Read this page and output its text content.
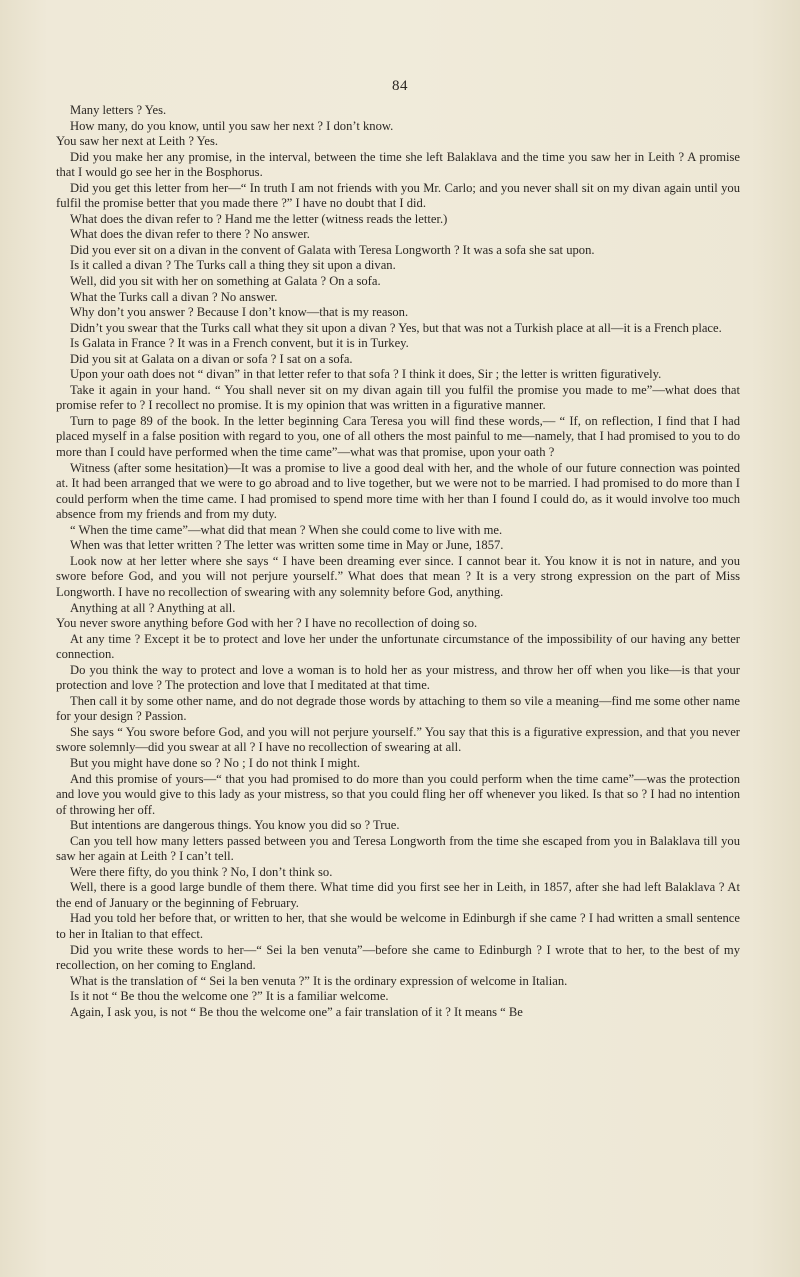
84

Many letters ? Yes.

How many, do you know, until you saw her next ? I don’t know.

You saw her next at Leith ? Yes.

Did you make her any promise, in the interval, between the time she left Balaklava and the time you saw her in Leith ? A promise that I would go see her in the Bosphorus.

Did you get this letter from her—“ In truth I am not friends with you Mr. Carlo; and you never shall sit on my divan again until you fulfil the promise better that you made there ?” I have no doubt that I did.

What does the divan refer to ? Hand me the letter (witness reads the letter.)

What does the divan refer to there ? No answer.

Did you ever sit on a divan in the convent of Galata with Teresa Longworth ? It was a sofa she sat upon.

Is it called a divan ? The Turks call a thing they sit upon a divan.

Well, did you sit with her on something at Galata ? On a sofa.

What the Turks call a divan ? No answer.

Why don’t you answer ? Because I don’t know—that is my reason.

Didn’t you swear that the Turks call what they sit upon a divan ? Yes, but that was not a Turkish place at all—it is a French place.

Is Galata in France ? It was in a French convent, but it is in Turkey.

Did you sit at Galata on a divan or sofa ? I sat on a sofa.

Upon your oath does not “ divan” in that letter refer to that sofa ? I think it does, Sir ; the letter is written figuratively.

Take it again in your hand. “ You shall never sit on my divan again till you fulfil the promise you made to me”—what does that promise refer to ? I recollect no promise. It is my opinion that was written in a figurative manner.

Turn to page 89 of the book. In the letter beginning Cara Teresa you will find these words,— “ If, on reflection, I find that I had placed myself in a false position with regard to you, one of all others the most painful to me—namely, that I had promised to you to do more than I could have performed when the time came”—what was that promise, upon your oath ?

Witness (after some hesitation)—It was a promise to live a good deal with her, and the whole of our future connection was pointed at. It had been arranged that we were to go abroad and to live together, but we were not to be married. I had promised to do more than I could perform when the time came. I had promised to spend more time with her than I found I could do, as it would involve too much absence from my friends and from my duty.

“ When the time came”—what did that mean ? When she could come to live with me.

When was that letter written ? The letter was written some time in May or June, 1857.

Look now at her letter where she says “ I have been dreaming ever since. I cannot bear it. You know it is not in nature, and you swore before God, and you will not perjure yourself.” What does that mean ? It is a very strong expression on the part of Miss Longworth. I have no recollection of swearing with any solemnity before God, anything.

Anything at all ? Anything at all.

You never swore anything before God with her ? I have no recollection of doing so.

At any time ? Except it be to protect and love her under the unfortunate circumstance of the impossibility of our having any better connection.

Do you think the way to protect and love a woman is to hold her as your mistress, and throw her off when you like—is that your protection and love ? The protection and love that I meditated at that time.

Then call it by some other name, and do not degrade those words by attaching to them so vile a meaning—find me some other name for your design ? Passion.

She says “ You swore before God, and you will not perjure yourself.” You say that this is a figurative expression, and that you never swore solemnly—did you swear at all ? I have no recollection of swearing at all.

But you might have done so ? No ; I do not think I might.

And this promise of yours—“ that you had promised to do more than you could perform when the time came”—was the protection and love you would give to this lady as your mistress, so that you could fling her off whenever you liked. Is that so ? I had no intention of throwing her off.

But intentions are dangerous things. You know you did so ? True.

Can you tell how many letters passed between you and Teresa Longworth from the time she escaped from you in Balaklava till you saw her again at Leith ? I can’t tell.

Were there fifty, do you think ? No, I don’t think so.

Well, there is a good large bundle of them there. What time did you first see her in Leith, in 1857, after she had left Balaklava ? At the end of January or the beginning of February.

Had you told her before that, or written to her, that she would be welcome in Edinburgh if she came ? I had written a small sentence to her in Italian to that effect.

Did you write these words to her—“ Sei la ben venuta”—before she came to Edinburgh ? I wrote that to her, to the best of my recollection, on her coming to England.

What is the translation of “ Sei la ben venuta ?” It is the ordinary expression of welcome in Italian.

Is it not “ Be thou the welcome one ?” It is a familiar welcome.

Again, I ask you, is not “ Be thou the welcome one” a fair translation of it ? It means “ Be
